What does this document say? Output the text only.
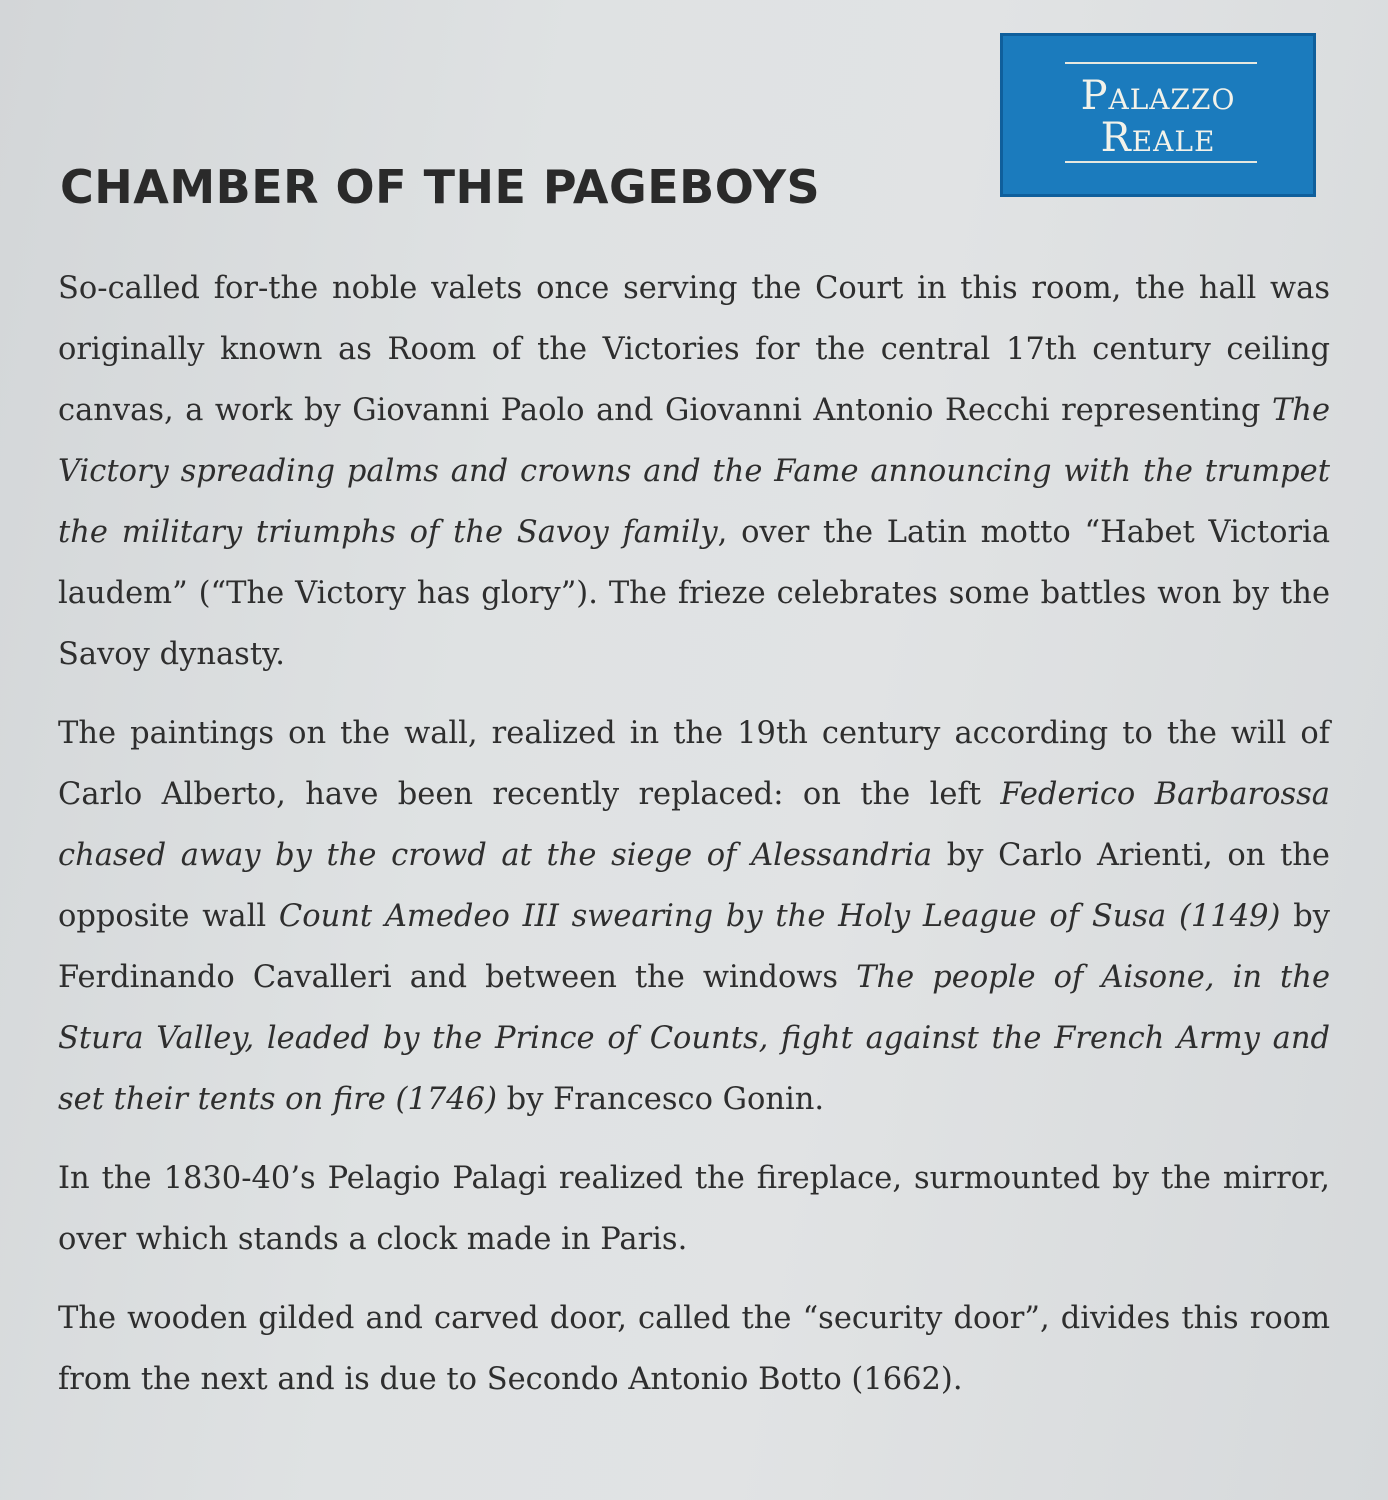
Palazzo
Reale
CHAMBER OF THE PAGEBOYS

So-called for-the noble valets once serving the Court in this room, the hall was originally known as Room of the Victories for the central 17th century ceiling canvas, a work by Giovanni Paolo and Giovanni Antonio Recchi representing The Victory spreading palms and crowns and the Fame announcing with the trumpet the military triumphs of the Savoy family, over the Latin motto “Habet Victoria laudem” (“The Victory has glory”). The frieze celebrates some battles won by the Savoy dynasty.

The paintings on the wall, realized in the 19th century according to the will of Carlo Alberto, have been recently replaced: on the left Federico Barbarossa chased away by the crowd at the siege of Alessandria by Carlo Arienti, on the opposite wall Count Amedeo III swearing by the Holy League of Susa (1149) by Ferdinando Cavalleri and between the windows The people of Aisone, in the Stura Valley, leaded by the Prince of Counts, fight against the French Army and set their tents on fire (1746) by Francesco Gonin.

In the 1830-40’s Pelagio Palagi realized the fireplace, surmounted by the mirror, over which stands a clock made in Paris.

The wooden gilded and carved door, called the “security door”, divides this room from the next and is due to Secondo Antonio Botto (1662).
